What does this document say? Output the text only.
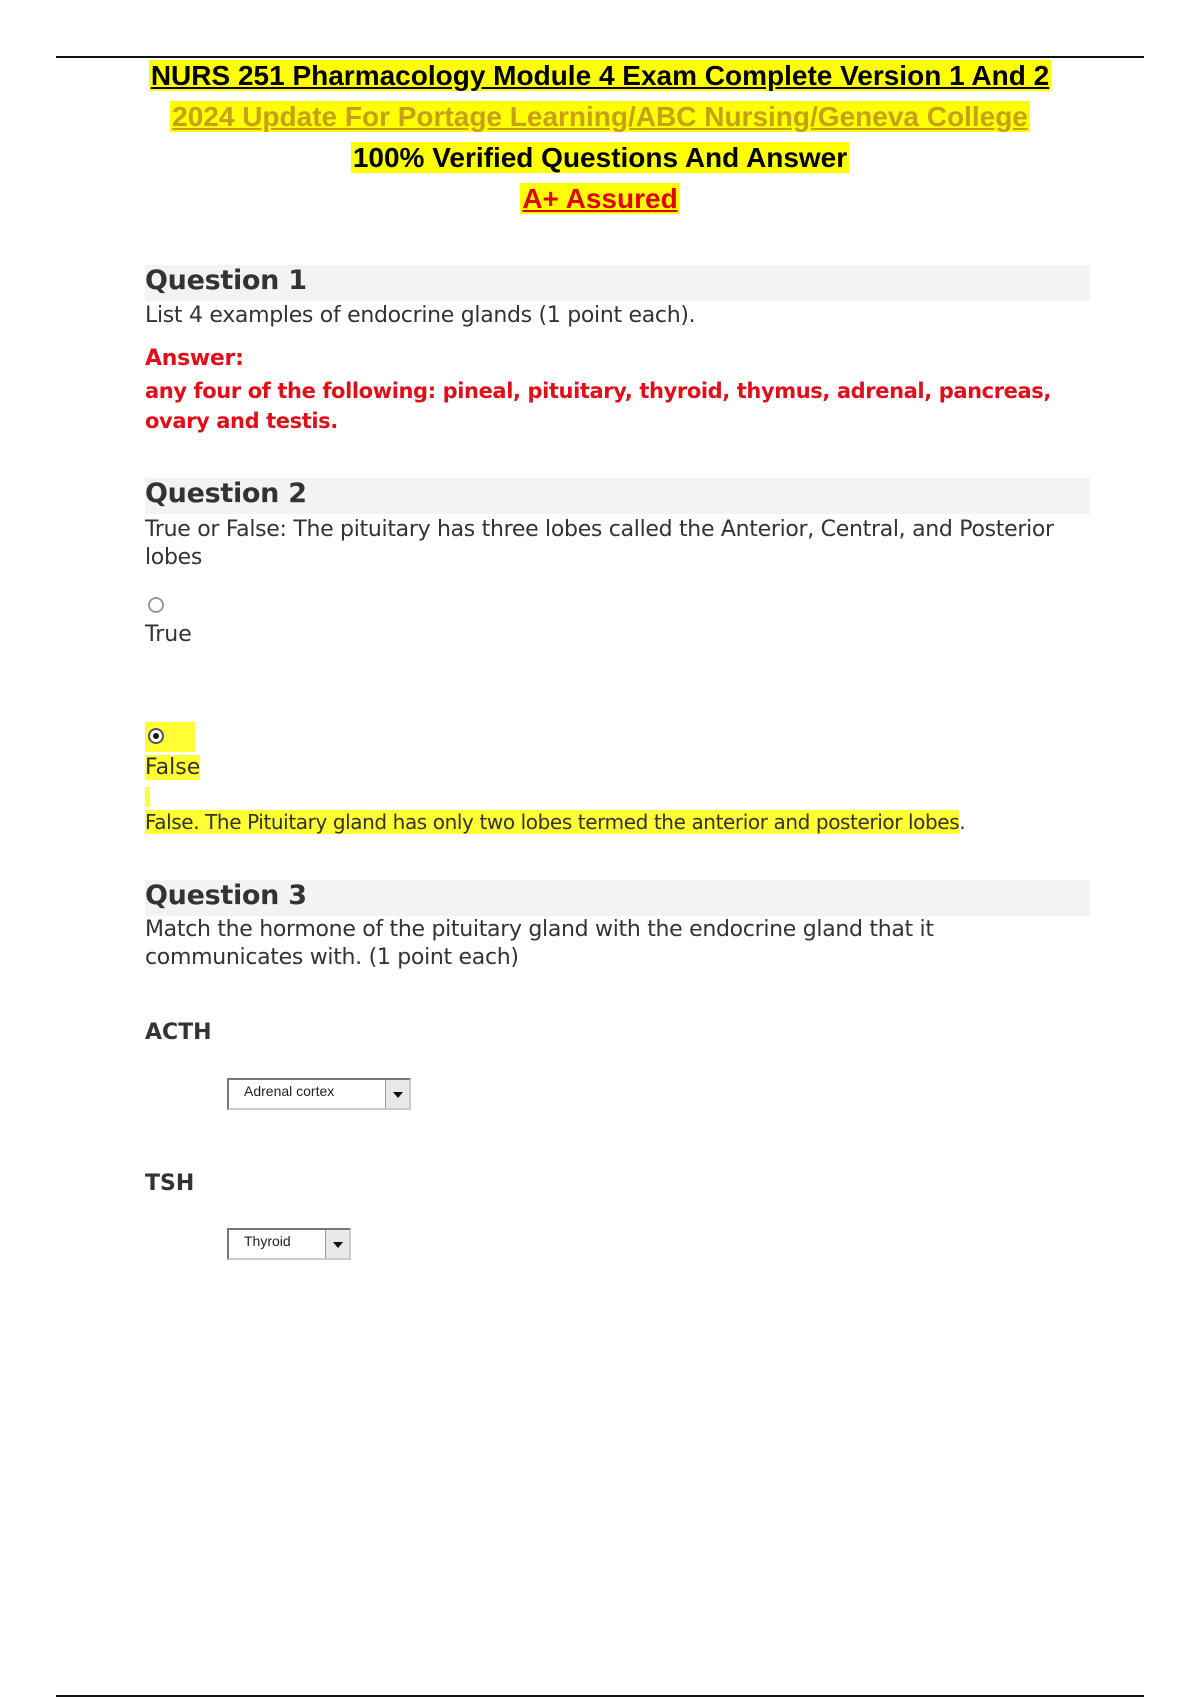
NURS 251 Pharmacology Module 4 Exam Complete Version 1 And 2
2024 Update For Portage Learning/ABC Nursing/Geneva College
100% Verified Questions And Answer
A+ Assured
Question 1
List 4 examples of endocrine glands (1 point each).
Answer:
any four of the following: pineal, pituitary, thyroid, thymus, adrenal, pancreas, ovary and testis.
Question 2
True or False: The pituitary has three lobes called the Anterior, Central, and Posterior lobes
True
False
False. The Pituitary gland has only two lobes termed the anterior and posterior lobes.
Question 3
Match the hormone of the pituitary gland with the endocrine gland that it communicates with. (1 point each)
ACTH
Adrenal cortex
TSH
Thyroid
